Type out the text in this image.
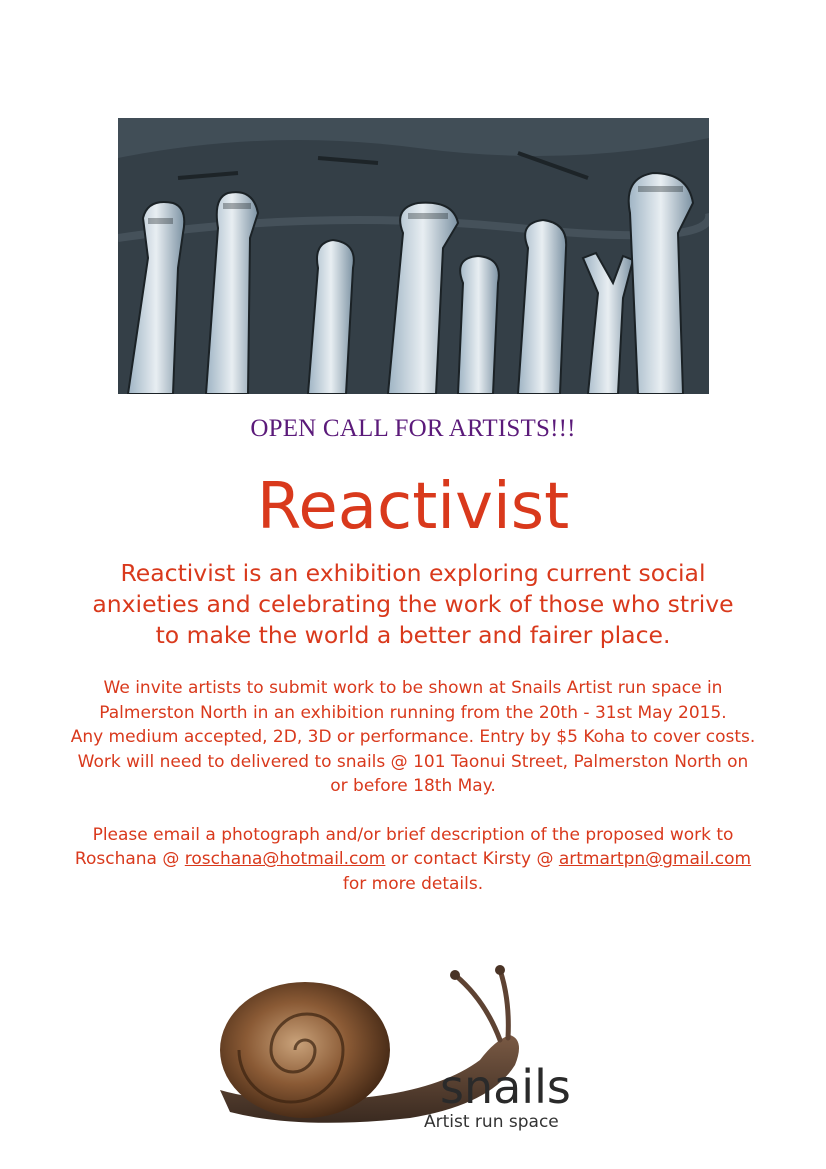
OPEN CALL FOR ARTISTS!!!
Reactivist
Reactivist is an exhibition exploring current social anxieties and celebrating the work of those who strive to make the world a better and fairer place.

We invite artists to submit work to be shown at Snails Artist run space in Palmerston North in an exhibition running from the 20th - 31st May 2015.

Any medium accepted, 2D, 3D or performance. Entry by $5 Koha to cover costs. Work will need to delivered to snails @ 101 Taonui Street, Palmerston North on or before 18th May.

Please email a photograph and/or brief description of the proposed work to Roschana @ roschana@hotmail.com or contact Kirsty @ artmartpn@gmail.com for more details.

snails
Artist run space
